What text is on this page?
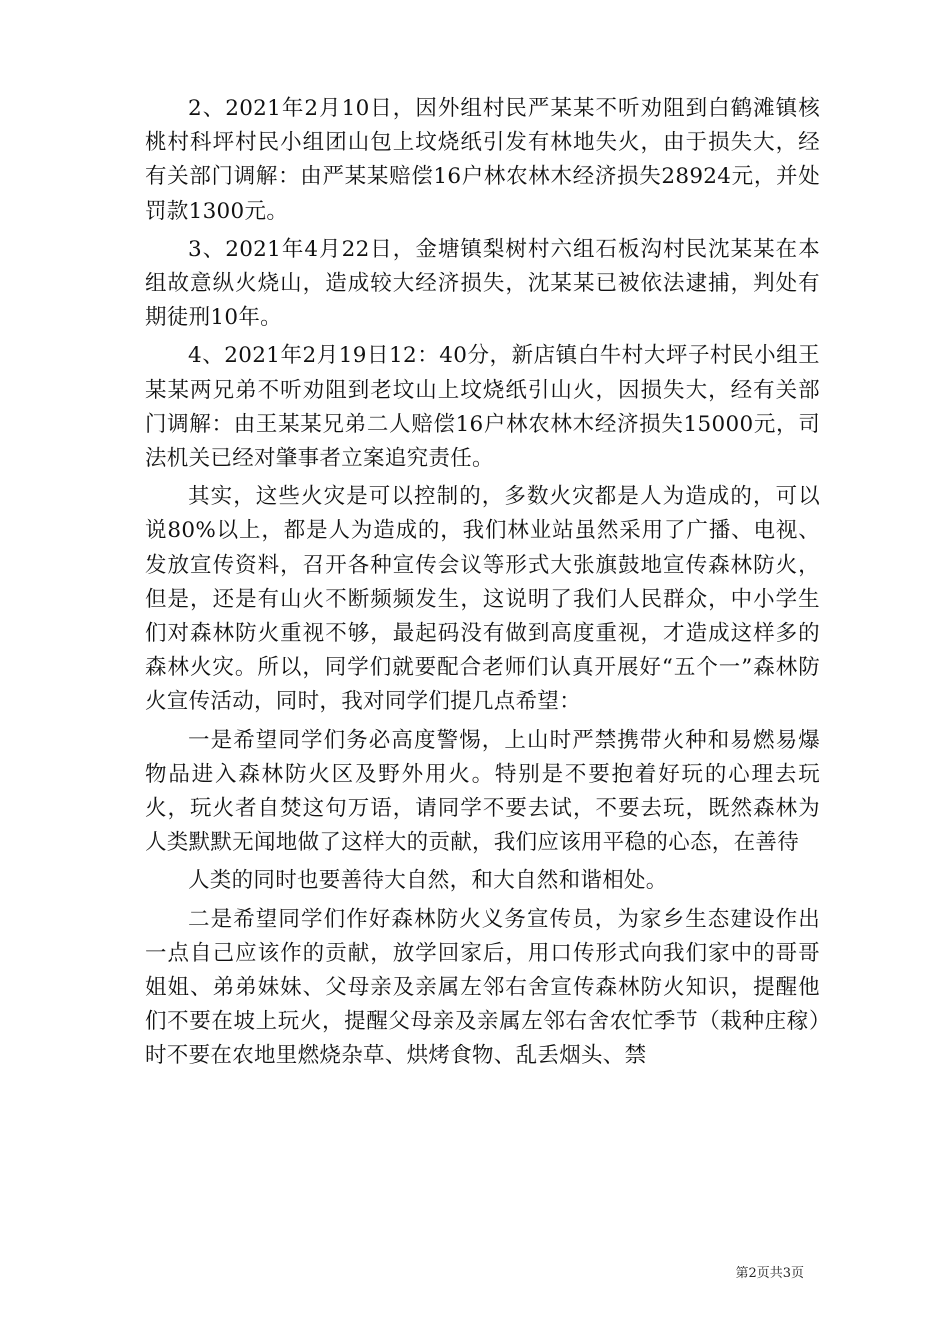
2、2021年2月10日，因外组村民严某某不听劝阻到白鹤滩镇核桃村科坪村民小组团山包上坟烧纸引发有林地失火，由于损失大，经有关部门调解：由严某某赔偿16户林农林木经济损失28924元，并处罚款1300元。

3、2021年4月22日，金塘镇梨树村六组石板沟村民沈某某在本组故意纵火烧山，造成较大经济损失，沈某某已被依法逮捕，判处有期徒刑10年。

4、2021年2月19日12：40分，新店镇白牛村大坪子村民小组王某某两兄弟不听劝阻到老坟山上坟烧纸引山火，因损失大，经有关部门调解：由王某某兄弟二人赔偿16户林农林木经济损失15000元，司法机关已经对肇事者立案追究责任。

其实，这些火灾是可以控制的，多数火灾都是人为造成的，可以说80%以上，都是人为造成的，我们林业站虽然采用了广播、电视、发放宣传资料，召开各种宣传会议等形式大张旗鼓地宣传森林防火，但是，还是有山火不断频频发生，这说明了我们人民群众，中小学生们对森林防火重视不够，最起码没有做到高度重视，才造成这样多的森林火灾。所以，同学们就要配合老师们认真开展好“五个一”森林防火宣传活动，同时，我对同学们提几点希望：

一是希望同学们务必高度警惕，上山时严禁携带火种和易燃易爆物品进入森林防火区及野外用火。特别是不要抱着好玩的心理去玩火，玩火者自焚这句万语，请同学不要去试，不要去玩，既然森林为人类默默无闻地做了这样大的贡献，我们应该用平稳的心态，在善待

人类的同时也要善待大自然，和大自然和谐相处。

二是希望同学们作好森林防火义务宣传员，为家乡生态建设作出一点自己应该作的贡献，放学回家后，用口传形式向我们家中的哥哥姐姐、弟弟妹妹、父母亲及亲属左邻右舍宣传森林防火知识，提醒他们不要在坡上玩火，提醒父母亲及亲属左邻右舍农忙季节（栽种庄稼）时不要在农地里燃烧杂草、烘烤食物、乱丢烟头、禁

第2页共3页
